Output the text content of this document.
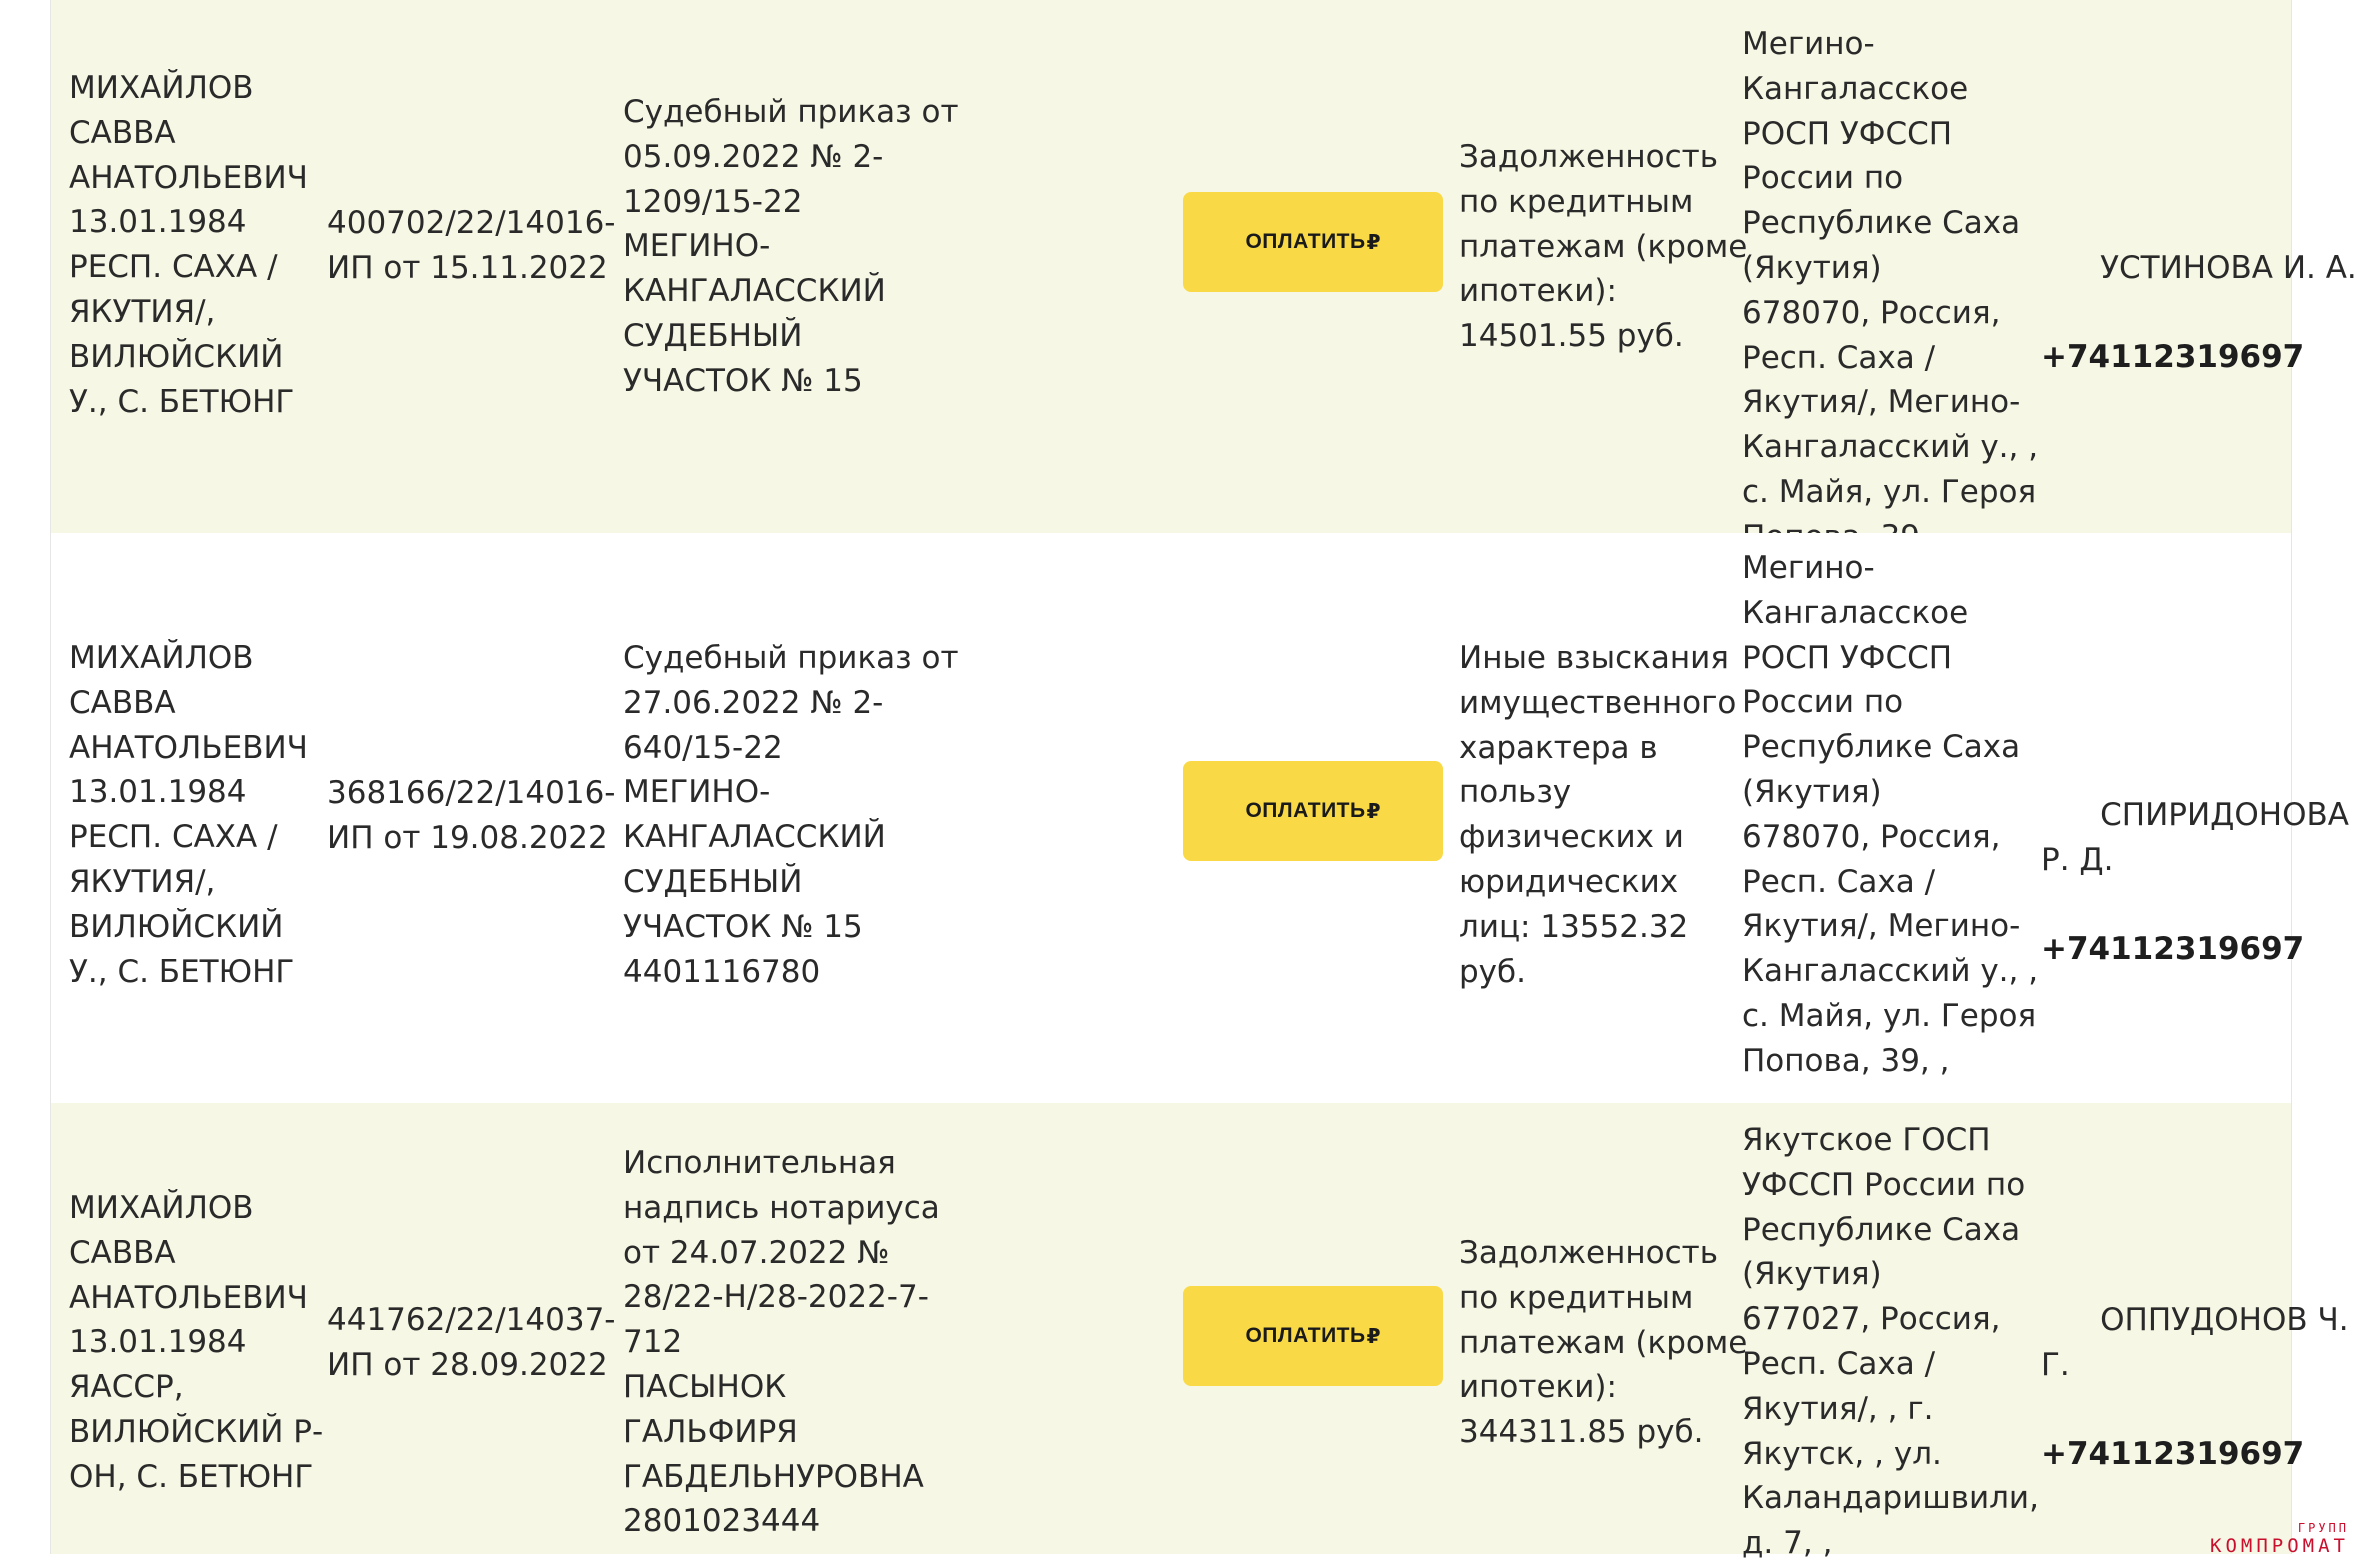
МИХАЙЛОВ
САВВА
АНАТОЛЬЕВИЧ
13.01.1984
РЕСП. САХА /
ЯКУТИЯ/,
ВИЛЮЙСКИЙ
У., С. БЕТЮНГ
400702/22/14016-
ИП от 15.11.2022
Судебный приказ от
05.09.2022 № 2-
1209/15-22
МЕГИНО-
КАНГАЛАССКИЙ
СУДЕБНЫЙ
УЧАСТОК № 15
ОПЛАТИТЬ ₽
Задолженность
по кредитным
платежам (кроме
ипотеки):
14501.55 руб.
Мегино-
Кангаласское
РОСП УФССП
России по
Республике Саха
(Якутия)
678070, Россия,
Респ. Саха /
Якутия/, Мегино-
Кангаласский у., ,
с. Майя, ул. Героя

УСТИНОВА И. А.

+74112319697

МИХАЙЛОВ
САВВА
АНАТОЛЬЕВИЧ
13.01.1984
РЕСП. САХА /
ЯКУТИЯ/,
ВИЛЮЙСКИЙ
У., С. БЕТЮНГ
368166/22/14016-
ИП от 19.08.2022
Судебный приказ от
27.06.2022 № 2-
640/15-22
МЕГИНО-
КАНГАЛАССКИЙ
СУДЕБНЫЙ
УЧАСТОК № 15
4401116780
ОПЛАТИТЬ ₽
Иные взыскания
имущественного
характера в
пользу
физических и
юридических
лиц: 13552.32
руб.
Мегино-
Кангаласское
РОСП УФССП
России по
Республике Саха
(Якутия)
678070, Россия,
Респ. Саха /
Якутия/, Мегино-
Кангаласский у., ,
с. Майя, ул. Героя
Попова, 39, ,

СПИРИДОНОВА
Р. Д.

+74112319697

МИХАЙЛОВ
САВВА
АНАТОЛЬЕВИЧ
13.01.1984
ЯАССР,
ВИЛЮЙСКИЙ Р-
ОН, С. БЕТЮНГ
441762/22/14037-
ИП от 28.09.2022
Исполнительная
надпись нотариуса
от 24.07.2022 №
28/22-Н/28-2022-7-
712
ПАСЫНОК
ГАЛЬФИРЯ
ГАБДЕЛЬНУРОВНА
2801023444
ОПЛАТИТЬ ₽
Задолженность
по кредитным
платежам (кроме
ипотеки):
344311.85 руб.
Якутское ГОСП
УФССП России по
Республике Саха
(Якутия)
677027, Россия,
Респ. Саха /
Якутия/, , г.
Якутск, , ул.
Каландаришвили,
д. 7, ,

ОППУДОНОВ Ч.
Г.

+74112319697

ГРУПП
КОМПРОМАТ
